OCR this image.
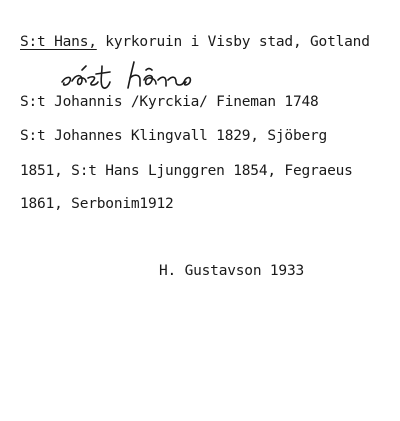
S:t Hans, kyrkoruin i Visby stad, Gotland
S:t Johannis /Kyrckia/ Fineman 1748
S:t Johannes Klingvall 1829, Sjöberg
1851, S:t Hans Ljunggren 1854, Fegraeus
1861, Serbonim1912
H. Gustavson 1933
